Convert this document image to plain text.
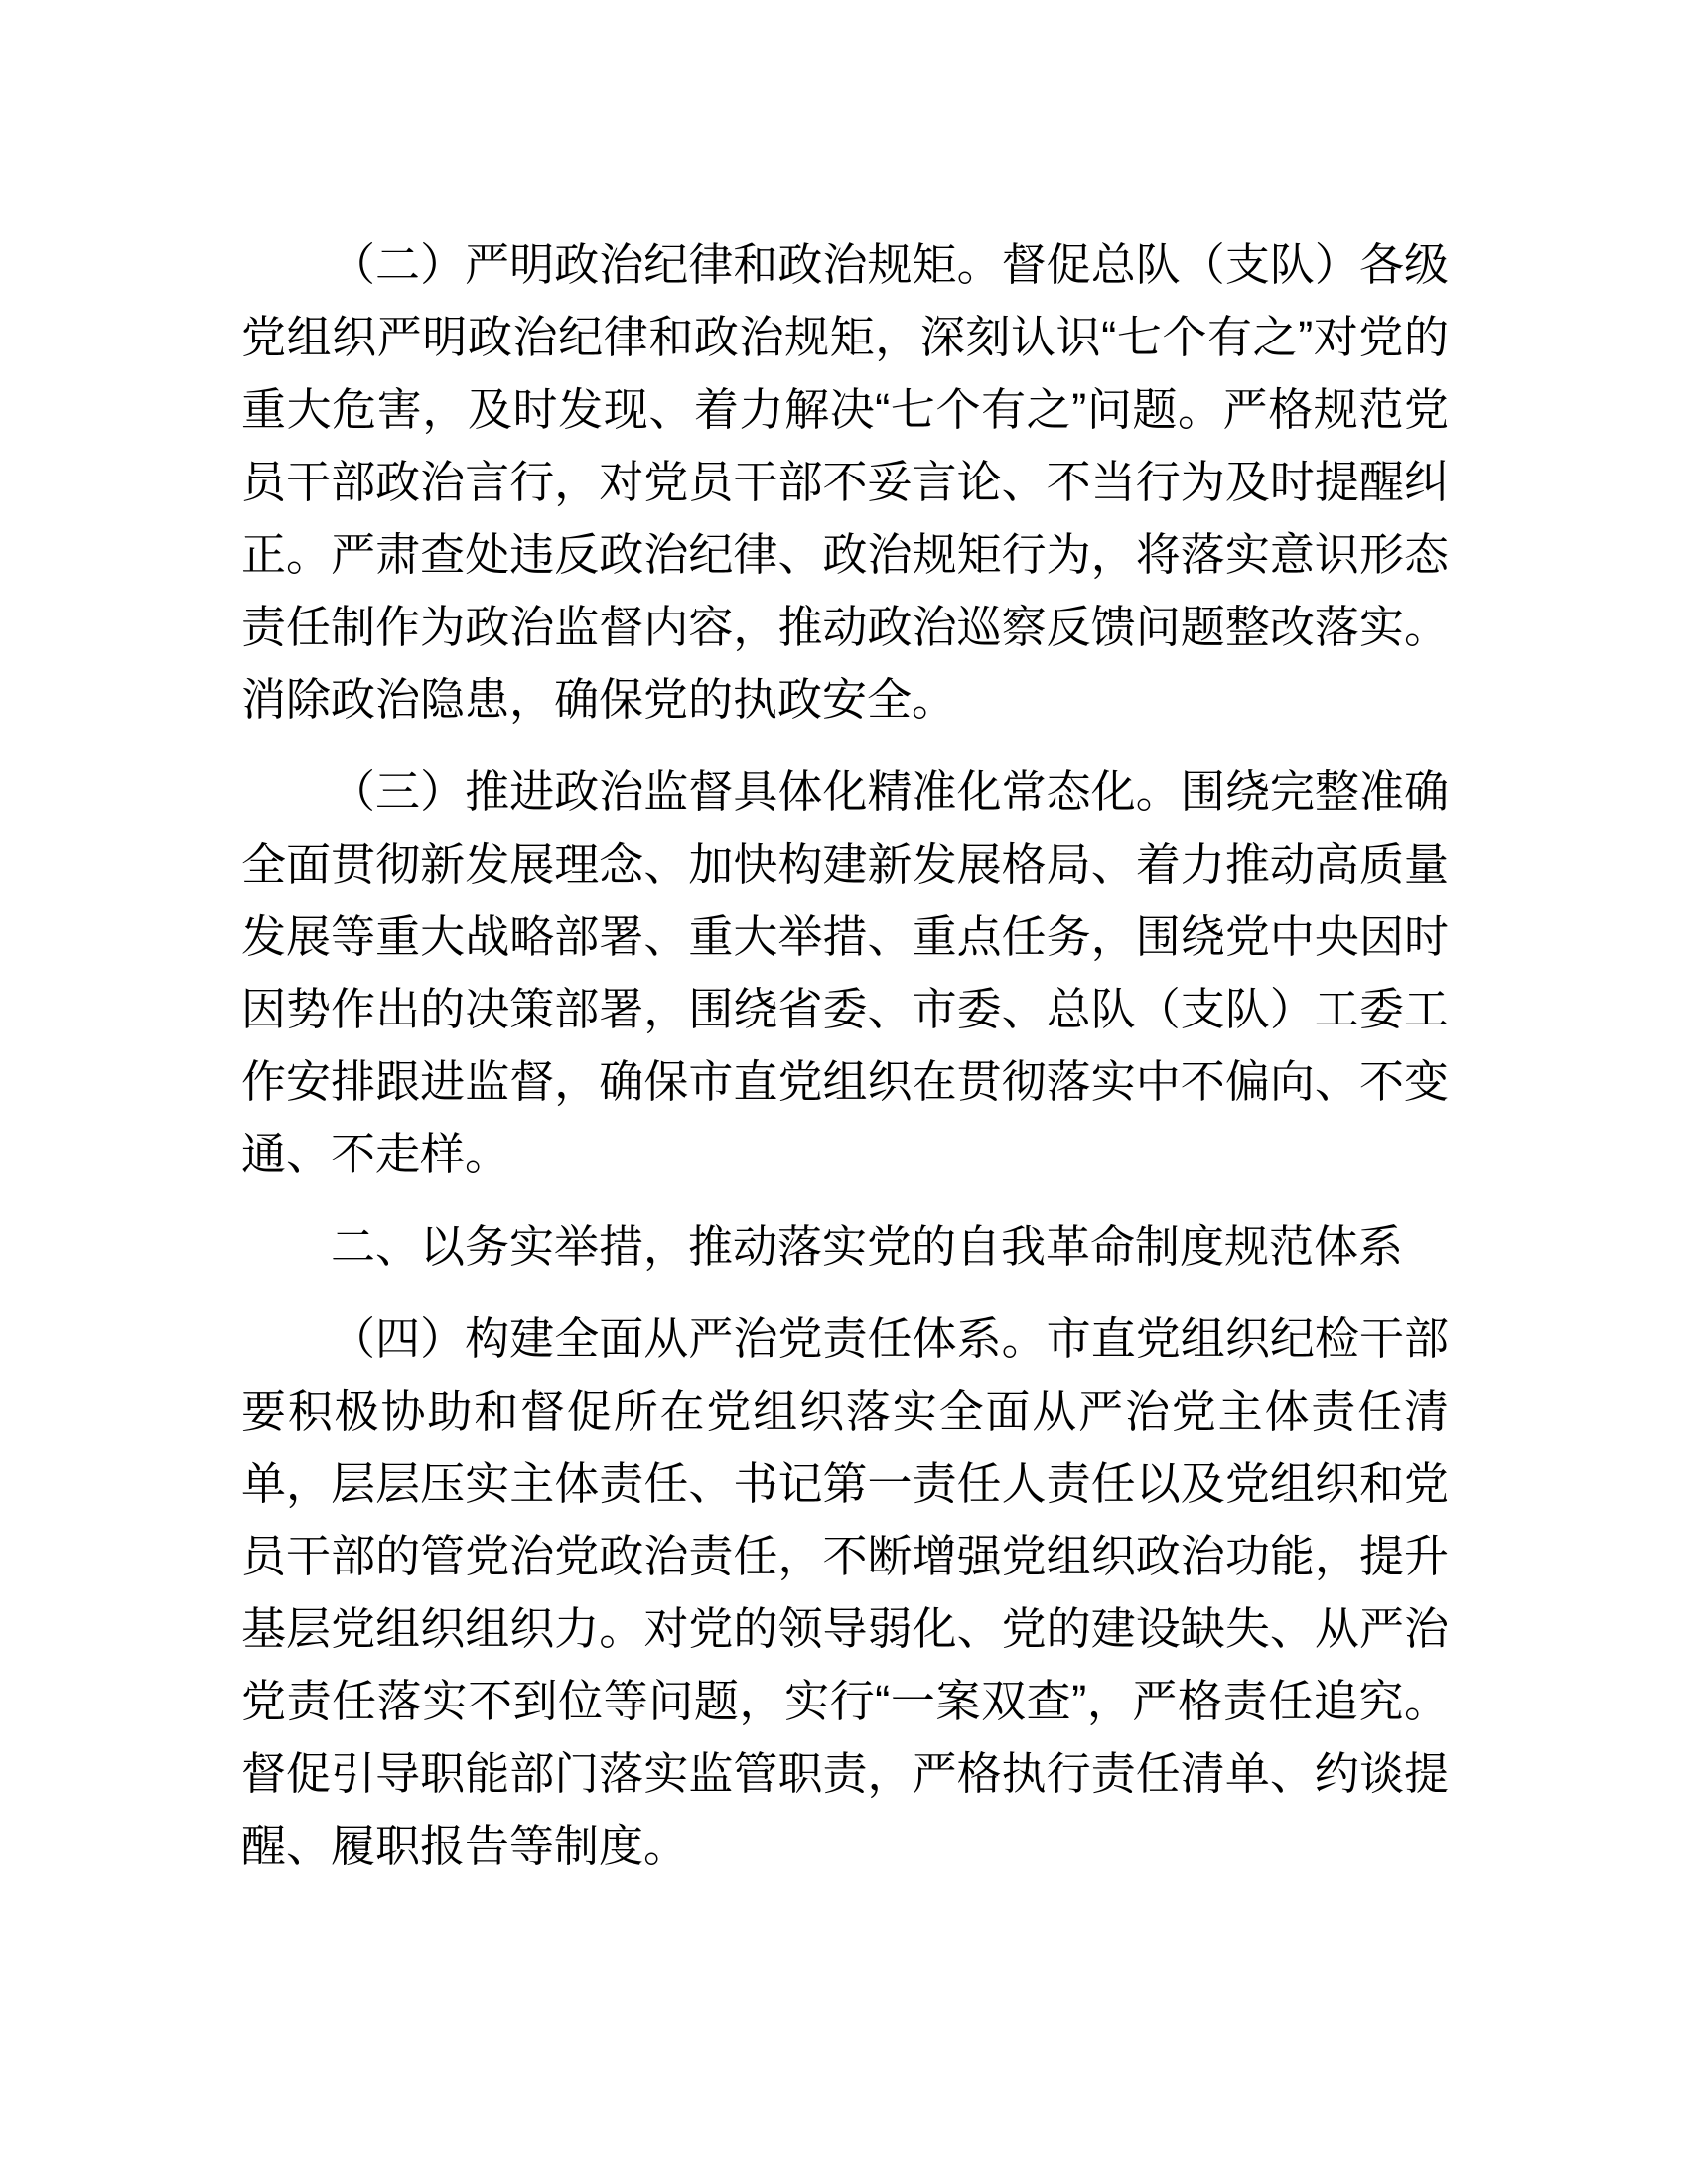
（二）严明政治纪律和政治规矩。督促总队（支队）各级党组织严明政治纪律和政治规矩，深刻认识“七个有之”对党的重大危害，及时发现、着力解决“七个有之”问题。严格规范党员干部政治言行，对党员干部不妥言论、不当行为及时提醒纠正。严肃查处违反政治纪律、政治规矩行为，将落实意识形态责任制作为政治监督内容，推动政治巡察反馈问题整改落实。消除政治隐患，确保党的执政安全。

（三）推进政治监督具体化精准化常态化。围绕完整准确全面贯彻新发展理念、加快构建新发展格局、着力推动高质量发展等重大战略部署、重大举措、重点任务，围绕党中央因时因势作出的决策部署，围绕省委、市委、总队（支队）工委工作安排跟进监督，确保市直党组织在贯彻落实中不偏向、不变通、不走样。

二、以务实举措，推动落实党的自我革命制度规范体系

（四）构建全面从严治党责任体系。市直党组织纪检干部要积极协助和督促所在党组织落实全面从严治党主体责任清单，层层压实主体责任、书记第一责任人责任以及党组织和党员干部的管党治党政治责任，不断增强党组织政治功能，提升基层党组织组织力。对党的领导弱化、党的建设缺失、从严治党责任落实不到位等问题，实行“一案双查”，严格责任追究。督促引导职能部门落实监管职责，严格执行责任清单、约谈提醒、履职报告等制度。
